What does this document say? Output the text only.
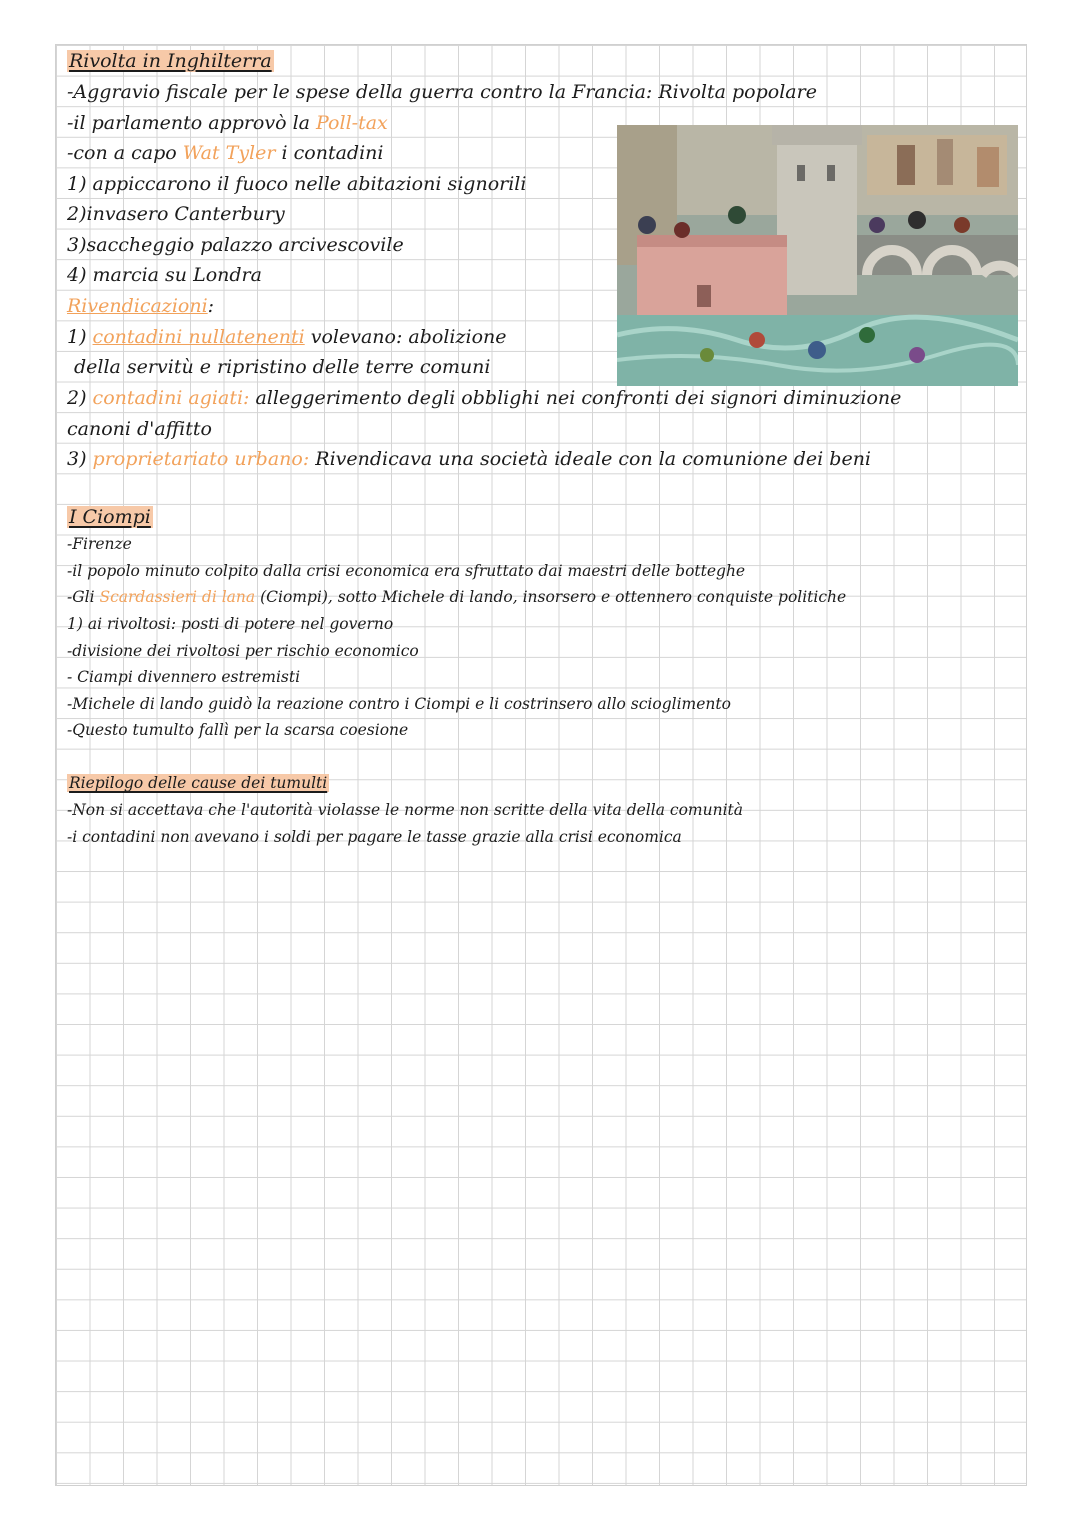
Rivolta in Inghilterra
-Aggravio fiscale per le spese della guerra contro la Francia: Rivolta popolare
-il parlamento approvò la Poll-tax
-con a capo Wat Tyler i contadini
1) appiccarono il fuoco nelle abitazioni signorili
2)invasero Canterbury
3)saccheggio palazzo arcivescovile
4) marcia su Londra
Rivendicazioni:
1) contadini nullatenenti volevano: abolizione
della servitù e ripristino delle terre comuni
2) contadini agiati: alleggerimento degli obblighi nei confronti dei signori diminuzione
canoni d'affitto
3) proprietariato urbano: Rivendicava una società ideale con la comunione dei beni
I Ciompi
-Firenze
-il popolo minuto colpito dalla crisi economica era sfruttato dai maestri delle botteghe
-Gli Scardassieri di lana (Ciompi), sotto Michele di lando, insorsero e ottennero conquiste politiche
1) ai rivoltosi: posti di potere nel governo
-divisione dei rivoltosi per rischio economico
- Ciampi divennero estremisti
-Michele di lando guidò la reazione contro i Ciompi e li costrinsero allo scioglimento
-Questo tumulto fallì per la scarsa coesione
Riepilogo delle cause dei tumulti
-Non si accettava che l'autorità violasse le norme non scritte della vita della comunità
-i contadini non avevano i soldi per pagare le tasse grazie alla crisi economica
